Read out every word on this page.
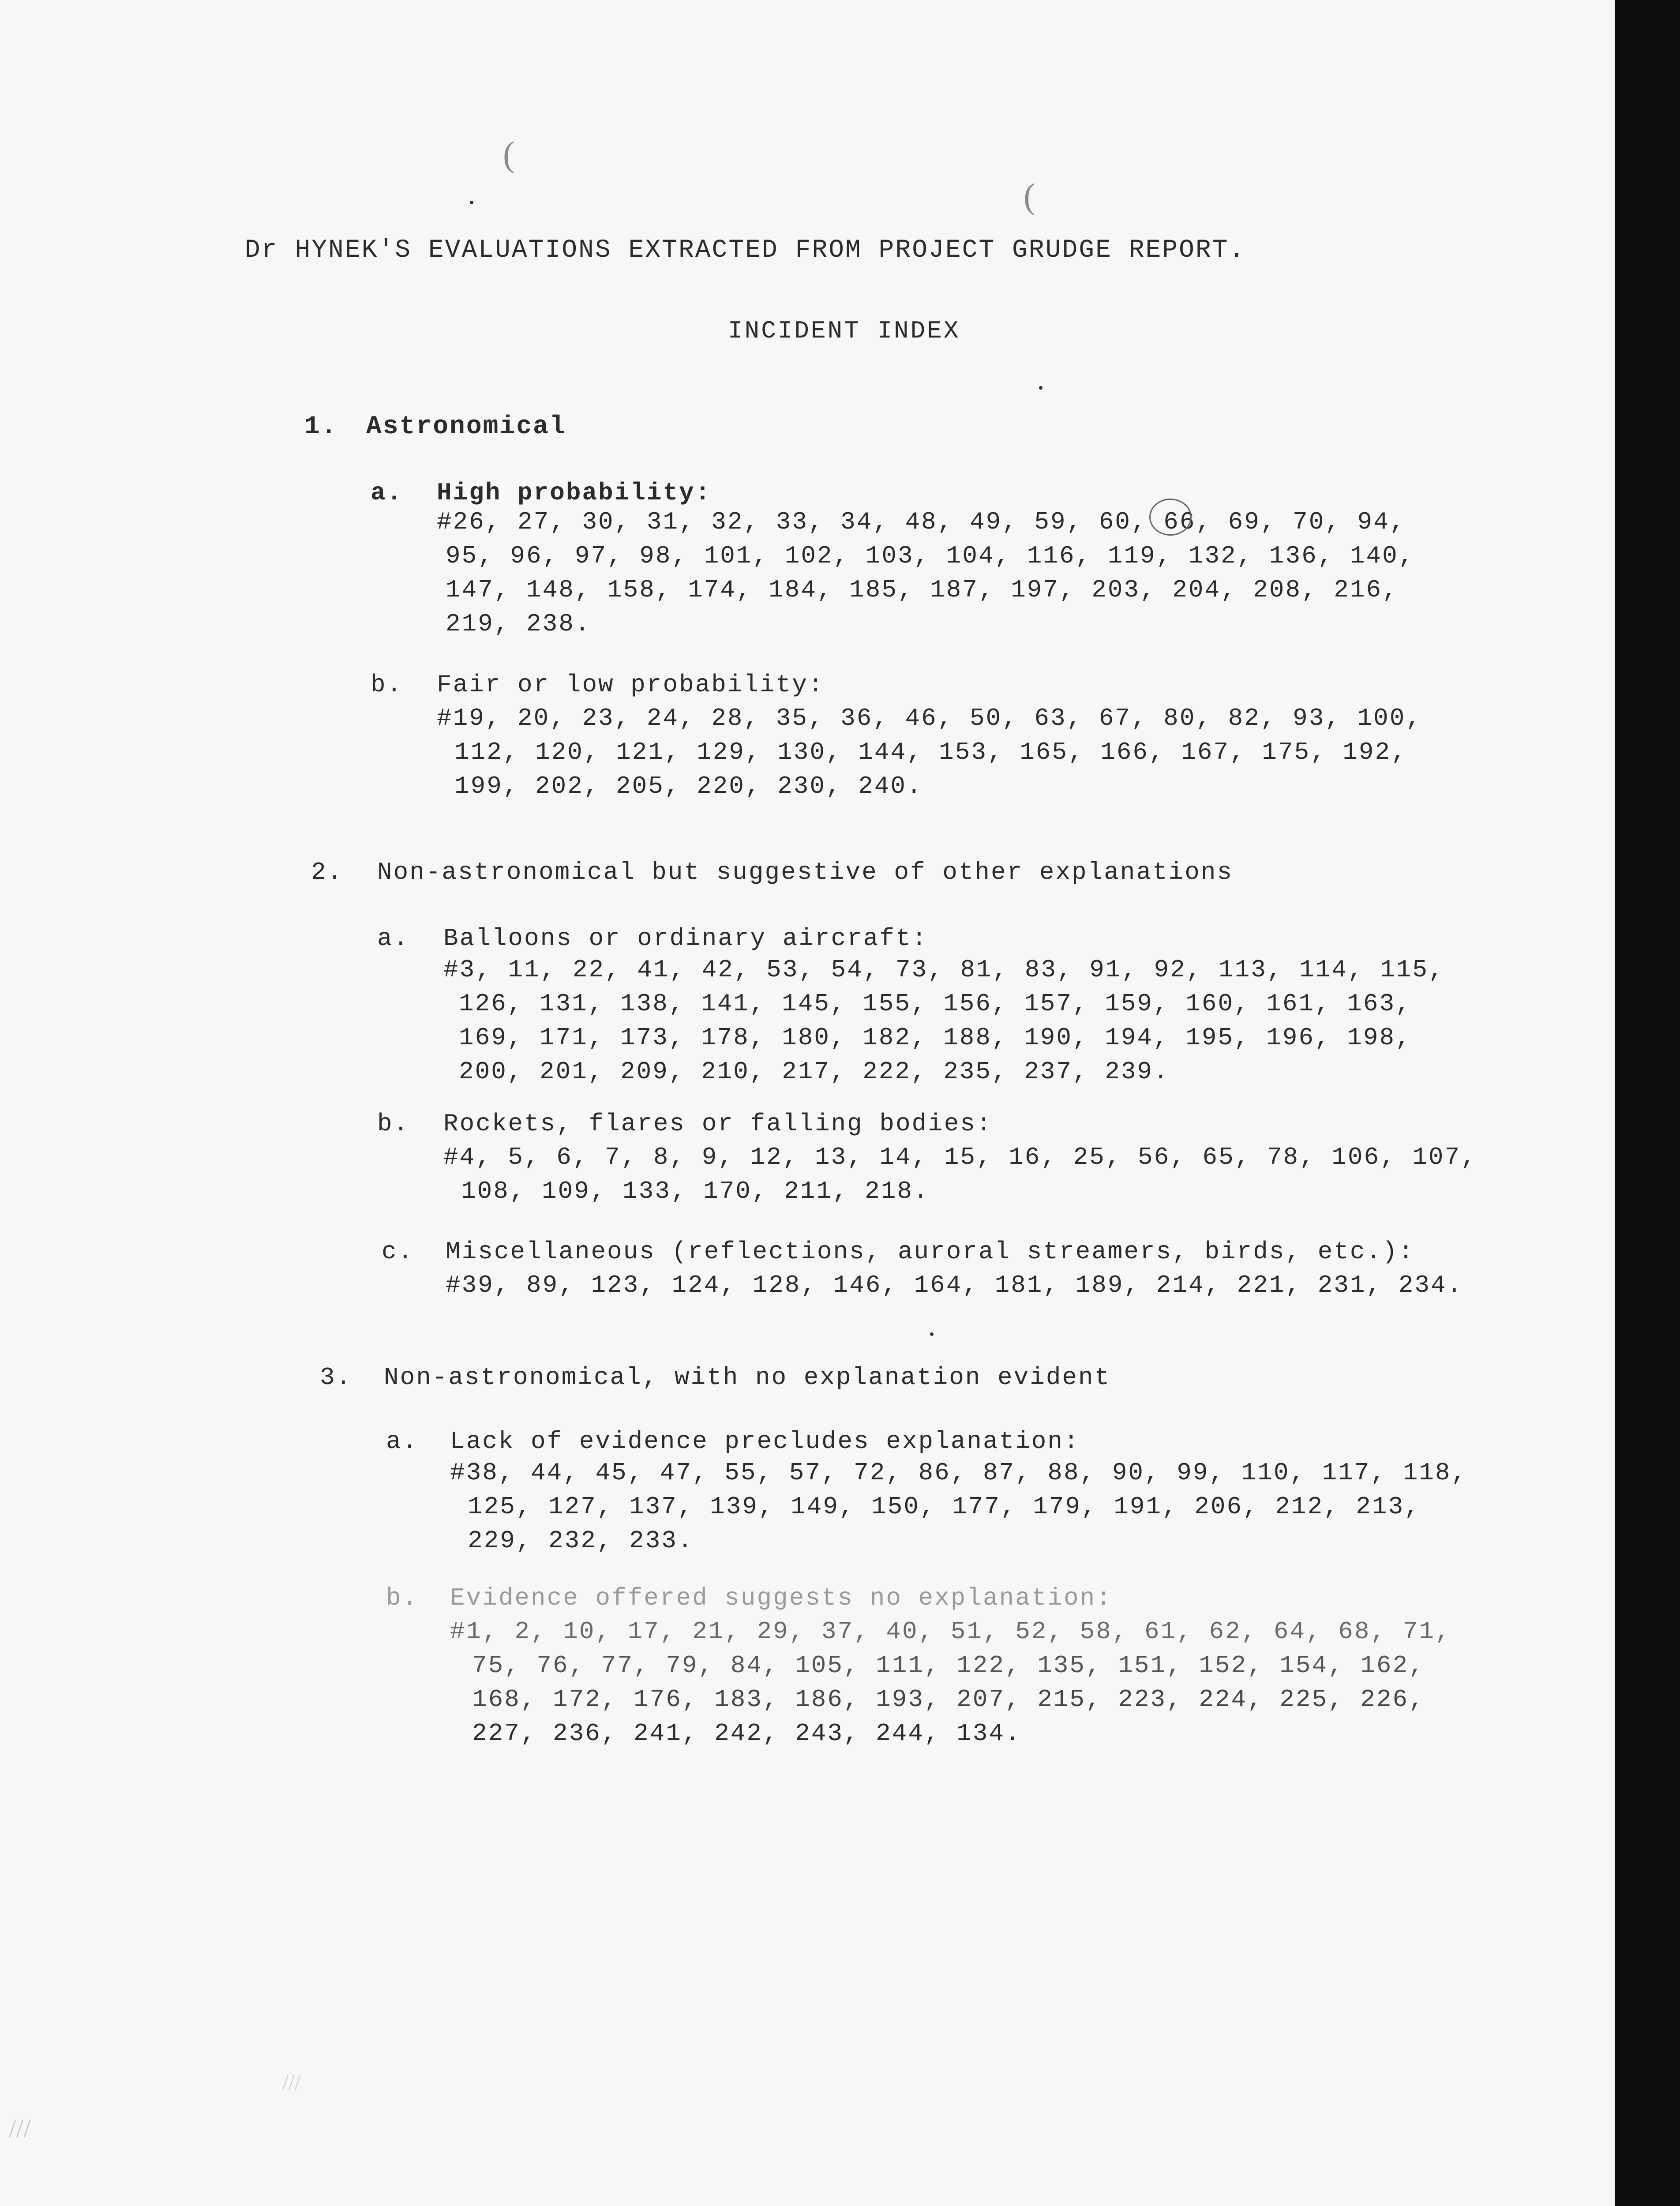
(
(
Dr HYNEK'S EVALUATIONS EXTRACTED FROM PROJECT GRUDGE REPORT.
INCIDENT INDEX
1. Astronomical
a. High probability:
#26, 27, 30, 31, 32, 33, 34, 48, 49, 59, 60, 66, 69, 70, 94,
95, 96, 97, 98, 101, 102, 103, 104, 116, 119, 132, 136, 140,
147, 148, 158, 174, 184, 185, 187, 197, 203, 204, 208, 216,
219, 238.
b. Fair or low probability:
#19, 20, 23, 24, 28, 35, 36, 46, 50, 63, 67, 80, 82, 93, 100,
112, 120, 121, 129, 130, 144, 153, 165, 166, 167, 175, 192,
199, 202, 205, 220, 230, 240.
2. Non-astronomical but suggestive of other explanations
a. Balloons or ordinary aircraft:
#3, 11, 22, 41, 42, 53, 54, 73, 81, 83, 91, 92, 113, 114, 115,
126, 131, 138, 141, 145, 155, 156, 157, 159, 160, 161, 163,
169, 171, 173, 178, 180, 182, 188, 190, 194, 195, 196, 198,
200, 201, 209, 210, 217, 222, 235, 237, 239.
b. Rockets, flares or falling bodies:
#4, 5, 6, 7, 8, 9, 12, 13, 14, 15, 16, 25, 56, 65, 78, 106, 107,
108, 109, 133, 170, 211, 218.
c. Miscellaneous (reflections, auroral streamers, birds, etc.):
#39, 89, 123, 124, 128, 146, 164, 181, 189, 214, 221, 231, 234.
3. Non-astronomical, with no explanation evident
a. Lack of evidence precludes explanation:
#38, 44, 45, 47, 55, 57, 72, 86, 87, 88, 90, 99, 110, 117, 118,
125, 127, 137, 139, 149, 150, 177, 179, 191, 206, 212, 213,
229, 232, 233.
b. Evidence offered suggests no explanation:
#1, 2, 10, 17, 21, 29, 37, 40, 51, 52, 58, 61, 62, 64, 68, 71,
75, 76, 77, 79, 84, 105, 111, 122, 135, 151, 152, 154, 162,
168, 172, 176, 183, 186, 193, 207, 215, 223, 224, 225, 226,
227, 236, 241, 242, 243, 244, 134.
///
///
